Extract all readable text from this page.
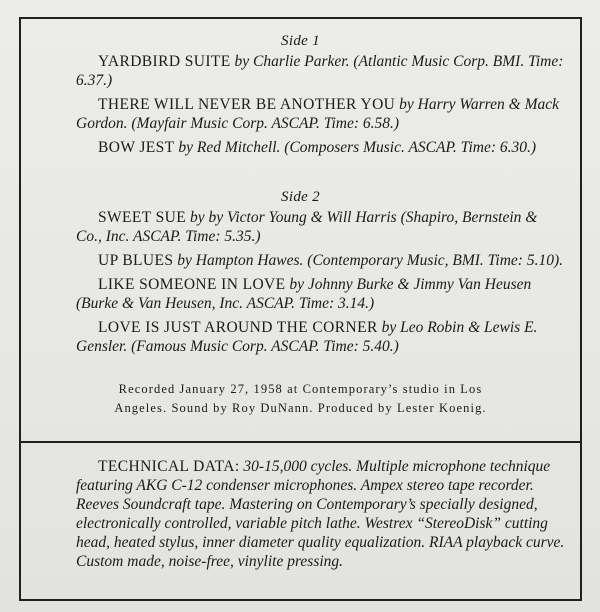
Side 1

YARDBIRD SUITE by Charlie Parker. (Atlantic Music Corp. BMI. Time: 6.37.)

THERE WILL NEVER BE ANOTHER YOU by Harry Warren & Mack Gordon. (Mayfair Music Corp. ASCAP. Time: 6.58.)

BOW JEST by Red Mitchell. (Composers Music. ASCAP. Time: 6.30.)

Side 2

SWEET SUE by by Victor Young & Will Harris (Shapiro, Bernstein & Co., Inc. ASCAP. Time: 5.35.)

UP BLUES by Hampton Hawes. (Contemporary Music, BMI. Time: 5.10).

LIKE SOMEONE IN LOVE by Johnny Burke & Jimmy Van Heusen (Burke & Van Heusen, Inc. ASCAP. Time: 3.14.)

LOVE IS JUST AROUND THE CORNER by Leo Robin & Lewis E. Gensler. (Famous Music Corp. ASCAP. Time: 5.40.)

Recorded January 27, 1958 at Contemporary’s studio in Los
Angeles. Sound by Roy DuNann. Produced by Lester Koenig.
TECHNICAL DATA: 30-15,000 cycles. Multiple microphone technique featuring AKG C-12 condenser microphones. Ampex stereo tape recorder. Reeves Soundcraft tape. Mastering on Contemporary’s specially designed, electronically controlled, variable pitch lathe. Westrex “StereoDisk” cutting head, heated stylus, inner diameter quality equalization. RIAA playback curve. Custom made, noise-free, vinylite pressing.
